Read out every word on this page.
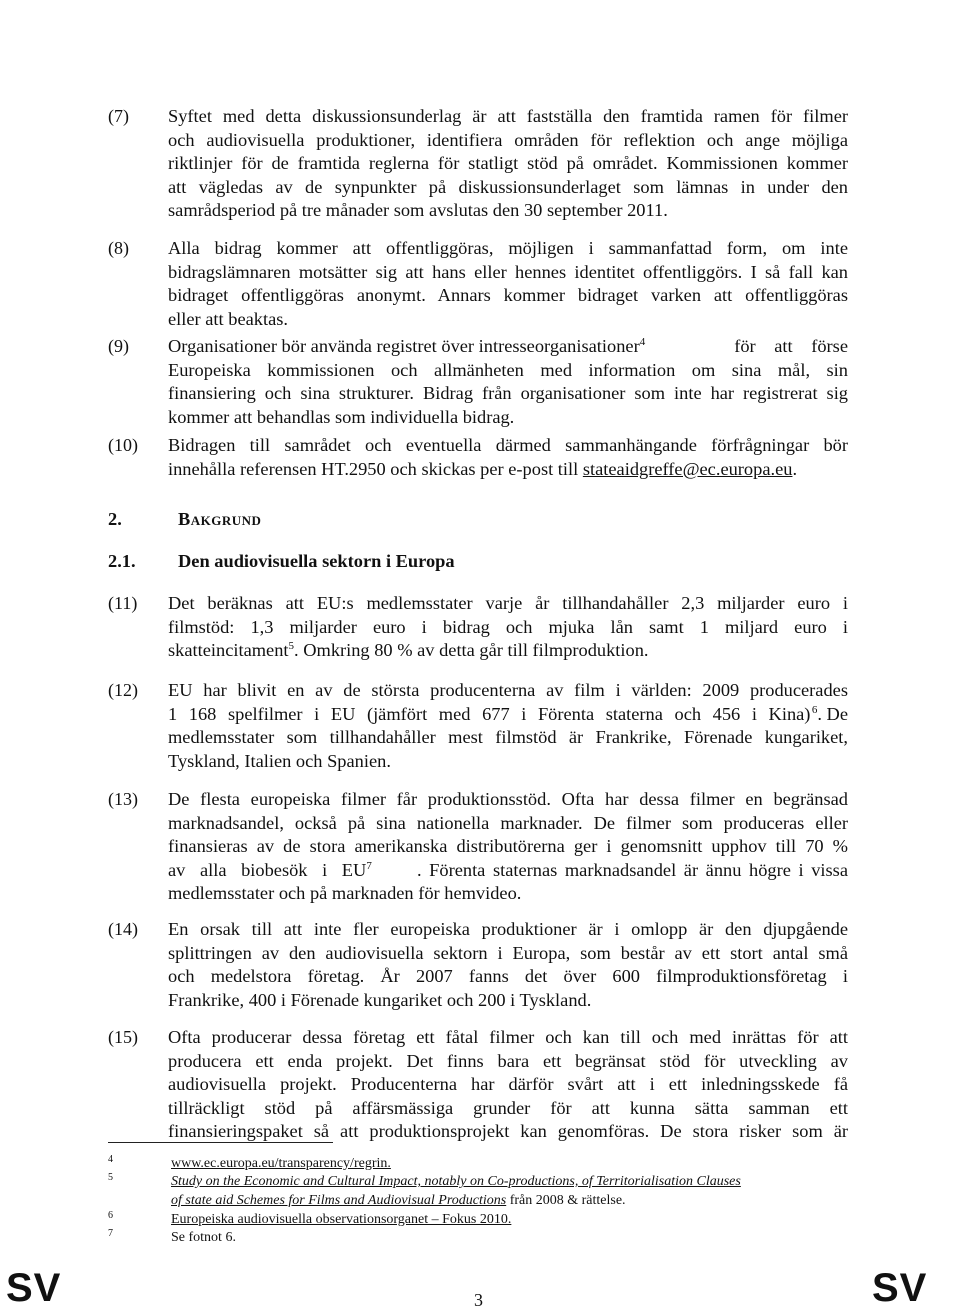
(7)	Syftet med detta diskussionsunderlag är att fastställa den framtida ramen för filmer
och audiovisuella produktioner, identifiera områden för reflektion och ange möjliga
riktlinjer för de framtida reglerna för statligt stöd på området. Kommissionen kommer
att vägledas av de synpunkter på diskussionsunderlaget som lämnas in under den
samrådsperiod på tre månader som avslutas den 30 september 2011.
(8)	Alla bidrag kommer att offentliggöras, möjligen i sammanfattad form, om inte
bidragslämnaren motsätter sig att hans eller hennes identitet offentliggörs. I så fall kan
bidraget offentliggöras anonymt. Annars kommer bidraget varken att offentliggöras
eller att beaktas.
(9)	Organisationer bör använda registret över intresseorganisationer$^4$	för att förse
Europeiska kommissionen och allmänheten med information om sina mål, sin
finansiering och sina strukturer. Bidrag från organisationer som inte har registrerat sig
kommer att behandlas som individuella bidrag.
(10)	Bidragen till samrådet och eventuella därmed sammanhängande förfrågningar bör
innehålla referensen HT.2950 och skickas per e-post till stateaidgreffe@ec.europa.eu.
2.	Bakgrund
2.1. Den audiovisuella sektorn i Europa
(11)	Det beräknas att EU:s medlemsstater varje år tillhandahåller 2,3 miljarder euro i
filmstöd: 1,3 miljarder euro i bidrag och mjuka lån samt 1 miljard euro i
skatteincitament$^5$. Omkring 80 % av detta går till filmproduktion.
(12)	EU har blivit en av de största producenterna av film i världen: 2009 producerades
1 168 spelfilmer i EU (jämfört med 677 i Förenta staterna och 456 i Kina) $^6$. De
medlemsstater som tillhandahåller mest filmstöd är Frankrike, Förenade kungariket,
Tyskland, Italien och Spanien.
(13)	De flesta europeiska filmer får produktionsstöd. Ofta har dessa filmer en begränsad
marknadsandel, också på sina nationella marknader. De filmer som produceras eller
finansieras av de stora amerikanska distributörerna ger i genomsnitt upphov till 70 %
av alla biobesök i $EU^7$ . Förenta staternas marknadsandel är ännu högre i vissa
medlemsstater och på marknaden för hemvideo.
(14)	En orsak till att inte fler europeiska produktioner är i omlopp är den djupgående
splittringen av den audiovisuella sektorn i Europa, som består av ett stort antal små
och medelstora företag. År 2007 fanns det över 600 filmproduktionsföretag i
Frankrike, 400 i Förenade kungariket och 200 i Tyskland.
(15)	Ofta producerar dessa företag ett fåtal filmer och kan till och med inrättas för att
producera ett enda projekt. Det finns bara ett begränsat stöd för utveckling av
audiovisuella projekt. Producenterna har därför svårt att i ett inledningsskede få
tillräckligt stöd på affärsmässiga grunder för att kunna sätta samman ett
finansieringspaket så att produktionsprojekt kan genomföras. De stora risker som är
4	www.ec.europa.eu/transparency/regrin.
5	Study on the Economic and Cultural Impact, notably on Co-productions, of Territorialisation Clauses
of state aid Schemes for Films and Audiovisual Productions från 2008 & rättelse.
6	Europeiska audiovisuella observationsorganet – Fokus 2010.
7	Se fotnot 6.
SV	3	SV
